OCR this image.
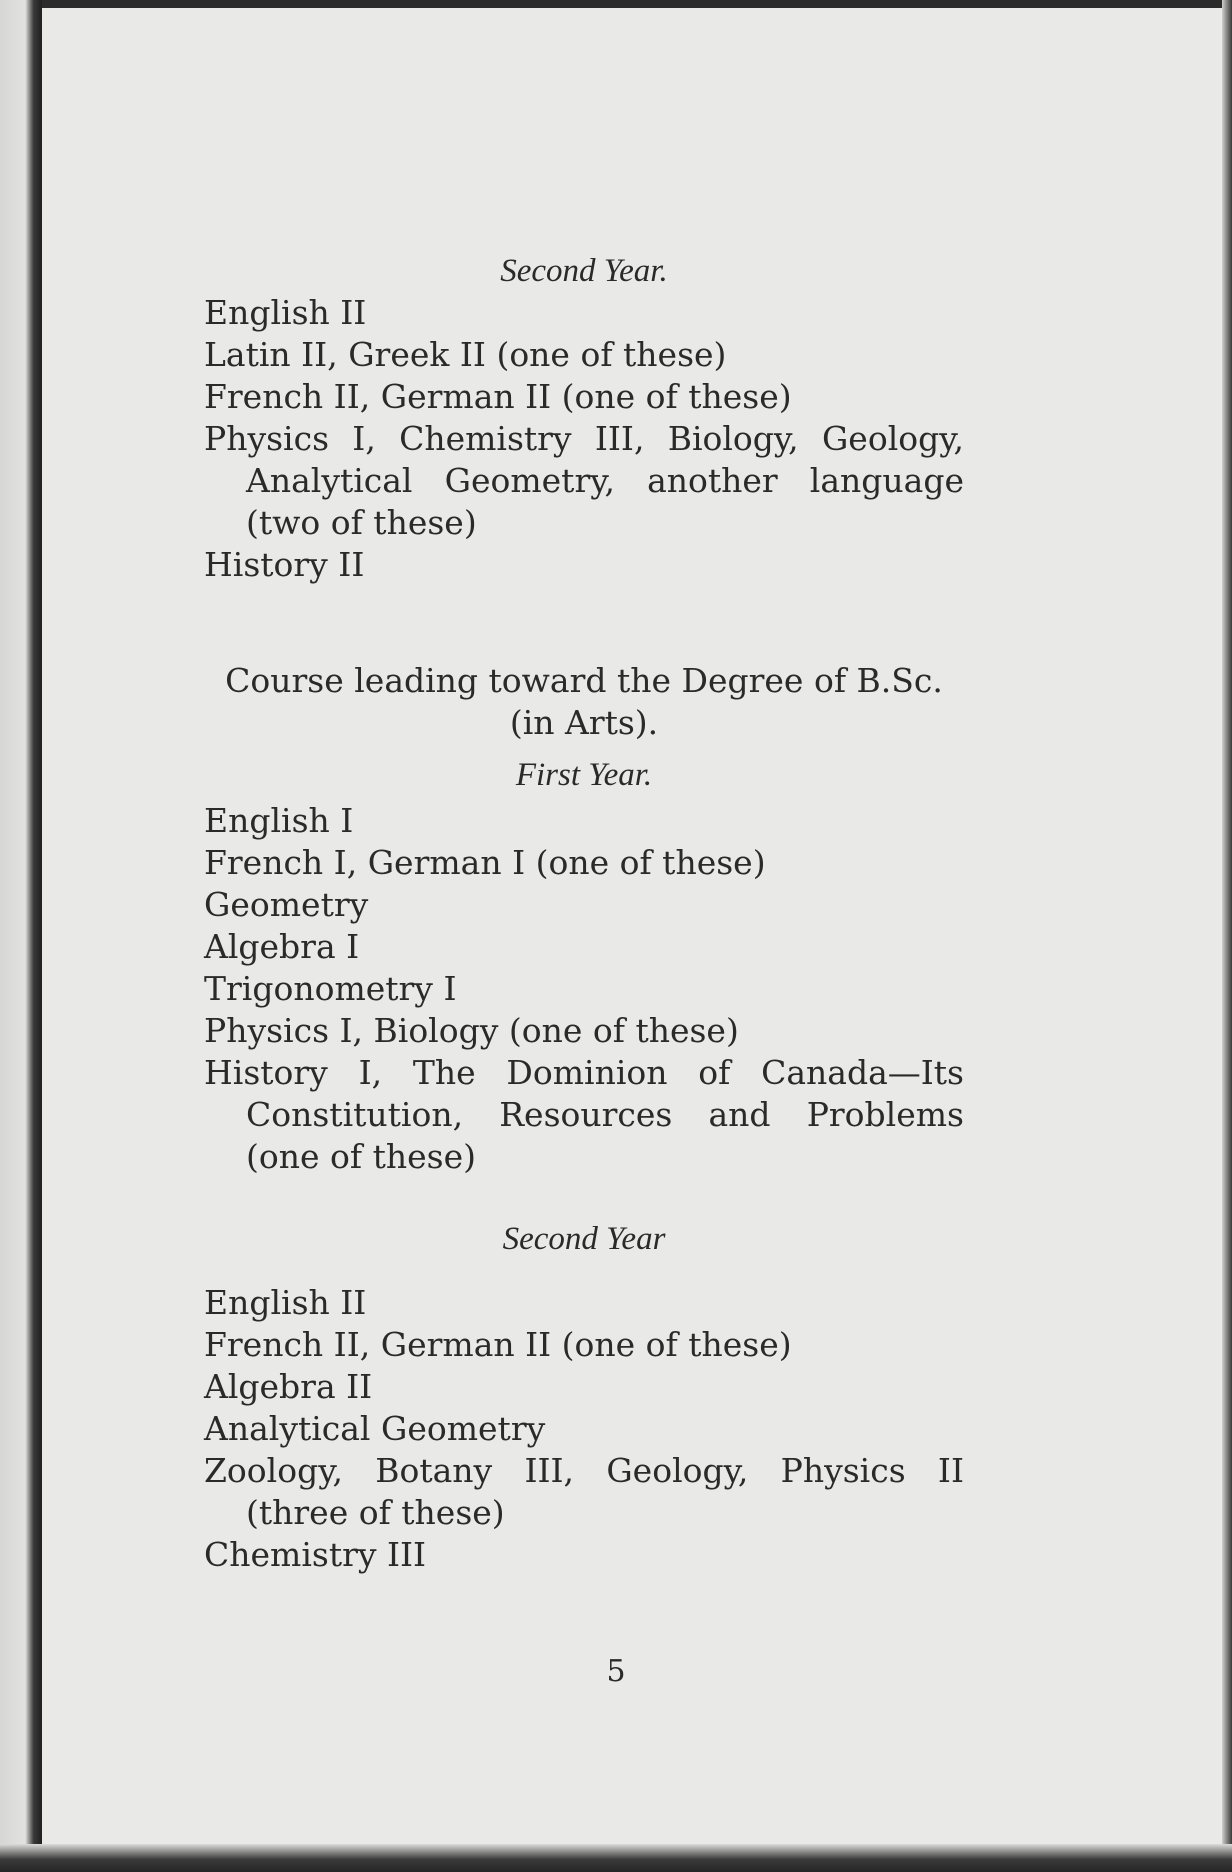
Second Year.

English II
Latin II, Greek II (one of these)
French II, German II (one of these)
Physics I, Chemistry III, Biology, Geology, Analytical Geometry, another language (two of these)
History II

Course leading toward the Degree of B.Sc.

(in Arts).

First Year.

English I
French I, German I (one of these)
Geometry
Algebra I
Trigonometry I
Physics I, Biology (one of these)
History I, The Dominion of Canada—Its Constitution, Resources and Problems (one of these)

Second Year

English II
French II, German II (one of these)
Algebra II
Analytical Geometry
Zoology, Botany III, Geology, Physics II (three of these)
Chemistry III
5
